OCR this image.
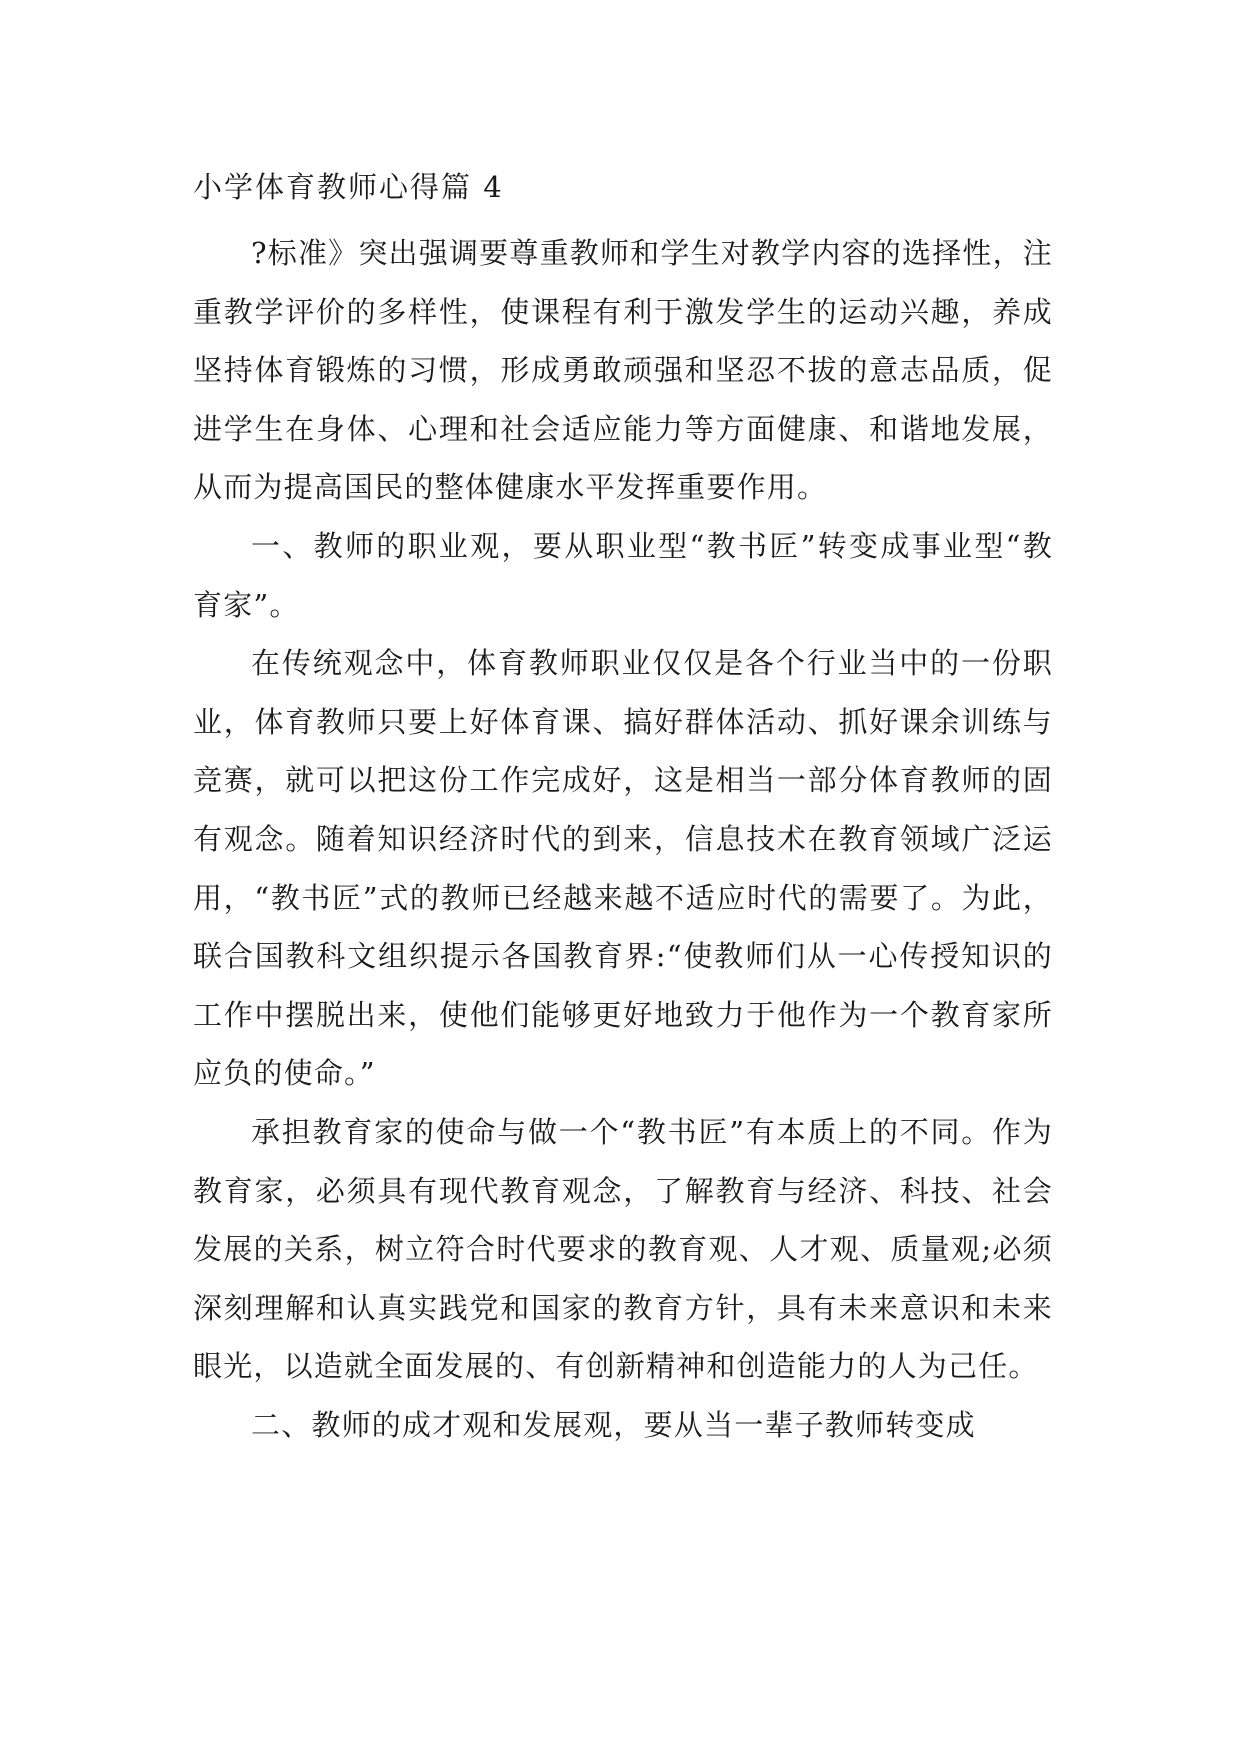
小学体育教师心得篇 4

?标准》突出强调要尊重教师和学生对教学内容的选择性，注重教学评价的多样性，使课程有利于激发学生的运动兴趣，养成坚持体育锻炼的习惯，形成勇敢顽强和坚忍不拔的意志品质，促进学生在身体、心理和社会适应能力等方面健康、和谐地发展，从而为提高国民的整体健康水平发挥重要作用。

一、教师的职业观，要从职业型“教书匠”转变成事业型“教育家”。

在传统观念中，体育教师职业仅仅是各个行业当中的一份职业，体育教师只要上好体育课、搞好群体活动、抓好课余训练与竞赛，就可以把这份工作完成好，这是相当一部分体育教师的固有观念。随着知识经济时代的到来，信息技术在教育领域广泛运用，“教书匠”式的教师已经越来越不适应时代的需要了。为此，联合国教科文组织提示各国教育界:“使教师们从一心传授知识的工作中摆脱出来，使他们能够更好地致力于他作为一个教育家所应负的使命。”

承担教育家的使命与做一个“教书匠”有本质上的不同。作为教育家，必须具有现代教育观念，了解教育与经济、科技、社会发展的关系，树立符合时代要求的教育观、人才观、质量观;必须深刻理解和认真实践党和国家的教育方针，具有未来意识和未来眼光，以造就全面发展的、有创新精神和创造能力的人为己任。

二、教师的成才观和发展观，要从当一辈子教师转变成
